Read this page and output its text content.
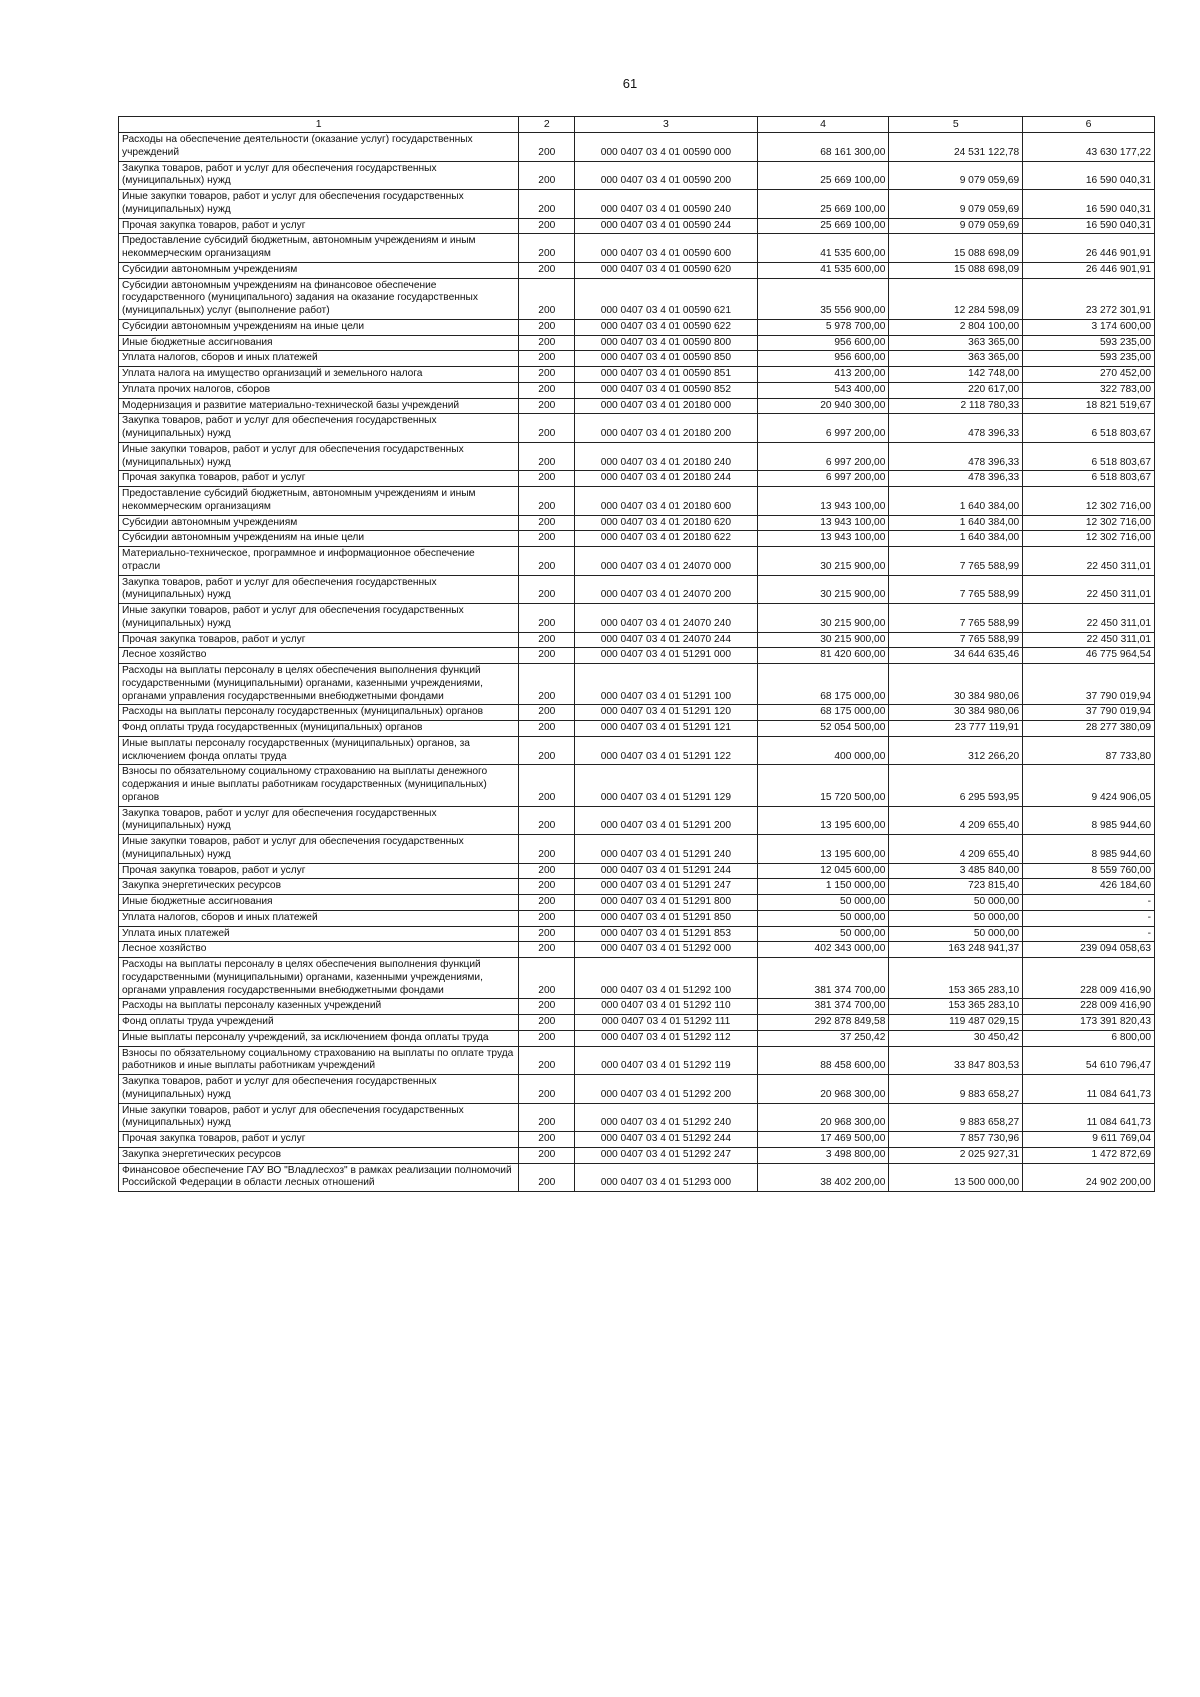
61
1	2	3	4	5	6
Расходы на обеспечение деятельности (оказание услуг) государственных учреждений	200	000 0407 03 4 01 00590 000	68 161 300,00	24 531 122,78	43 630 177,22
Закупка товаров, работ и услуг для обеспечения государственных (муниципальных) нужд	200	000 0407 03 4 01 00590 200	25 669 100,00	9 079 059,69	16 590 040,31
Иные закупки товаров, работ и услуг для обеспечения государственных (муниципальных) нужд	200	000 0407 03 4 01 00590 240	25 669 100,00	9 079 059,69	16 590 040,31
Прочая закупка товаров, работ и услуг	200	000 0407 03 4 01 00590 244	25 669 100,00	9 079 059,69	16 590 040,31
Предоставление субсидий бюджетным, автономным учреждениям и иным некоммерческим организациям	200	000 0407 03 4 01 00590 600	41 535 600,00	15 088 698,09	26 446 901,91
Субсидии автономным учреждениям	200	000 0407 03 4 01 00590 620	41 535 600,00	15 088 698,09	26 446 901,91
Субсидии автономным учреждениям на финансовое обеспечение государственного (муниципального) задания на оказание государственных (муниципальных) услуг (выполнение работ)	200	000 0407 03 4 01 00590 621	35 556 900,00	12 284 598,09	23 272 301,91
Субсидии автономным учреждениям на иные цели	200	000 0407 03 4 01 00590 622	5 978 700,00	2 804 100,00	3 174 600,00
Иные бюджетные ассигнования	200	000 0407 03 4 01 00590 800	956 600,00	363 365,00	593 235,00
Уплата налогов, сборов и иных платежей	200	000 0407 03 4 01 00590 850	956 600,00	363 365,00	593 235,00
Уплата налога на имущество организаций и земельного налога	200	000 0407 03 4 01 00590 851	413 200,00	142 748,00	270 452,00
Уплата прочих налогов, сборов	200	000 0407 03 4 01 00590 852	543 400,00	220 617,00	322 783,00
Модернизация и развитие материально-технической базы учреждений	200	000 0407 03 4 01 20180 000	20 940 300,00	2 118 780,33	18 821 519,67
Закупка товаров, работ и услуг для обеспечения государственных (муниципальных) нужд	200	000 0407 03 4 01 20180 200	6 997 200,00	478 396,33	6 518 803,67
Иные закупки товаров, работ и услуг для обеспечения государственных (муниципальных) нужд	200	000 0407 03 4 01 20180 240	6 997 200,00	478 396,33	6 518 803,67
Прочая закупка товаров, работ и услуг	200	000 0407 03 4 01 20180 244	6 997 200,00	478 396,33	6 518 803,67
Предоставление субсидий бюджетным, автономным учреждениям и иным некоммерческим организациям	200	000 0407 03 4 01 20180 600	13 943 100,00	1 640 384,00	12 302 716,00
Субсидии автономным учреждениям	200	000 0407 03 4 01 20180 620	13 943 100,00	1 640 384,00	12 302 716,00
Субсидии автономным учреждениям на иные цели	200	000 0407 03 4 01 20180 622	13 943 100,00	1 640 384,00	12 302 716,00
Материально-техническое, программное и информационное обеспечение отрасли	200	000 0407 03 4 01 24070 000	30 215 900,00	7 765 588,99	22 450 311,01
Закупка товаров, работ и услуг для обеспечения государственных (муниципальных) нужд	200	000 0407 03 4 01 24070 200	30 215 900,00	7 765 588,99	22 450 311,01
Иные закупки товаров, работ и услуг для обеспечения государственных (муниципальных) нужд	200	000 0407 03 4 01 24070 240	30 215 900,00	7 765 588,99	22 450 311,01
Прочая закупка товаров, работ и услуг	200	000 0407 03 4 01 24070 244	30 215 900,00	7 765 588,99	22 450 311,01
Лесное хозяйство	200	000 0407 03 4 01 51291 000	81 420 600,00	34 644 635,46	46 775 964,54
Расходы на выплаты персоналу в целях обеспечения выполнения функций государственными (муниципальными) органами, казенными учреждениями, органами управления государственными внебюджетными фондами	200	000 0407 03 4 01 51291 100	68 175 000,00	30 384 980,06	37 790 019,94
Расходы на выплаты персоналу государственных (муниципальных) органов	200	000 0407 03 4 01 51291 120	68 175 000,00	30 384 980,06	37 790 019,94
Фонд оплаты труда государственных (муниципальных) органов	200	000 0407 03 4 01 51291 121	52 054 500,00	23 777 119,91	28 277 380,09
Иные выплаты персоналу государственных (муниципальных) органов, за исключением фонда оплаты труда	200	000 0407 03 4 01 51291 122	400 000,00	312 266,20	87 733,80
Взносы по обязательному социальному страхованию на выплаты денежного содержания и иные выплаты работникам государственных (муниципальных) органов	200	000 0407 03 4 01 51291 129	15 720 500,00	6 295 593,95	9 424 906,05
Закупка товаров, работ и услуг для обеспечения государственных (муниципальных) нужд	200	000 0407 03 4 01 51291 200	13 195 600,00	4 209 655,40	8 985 944,60
Иные закупки товаров, работ и услуг для обеспечения государственных (муниципальных) нужд	200	000 0407 03 4 01 51291 240	13 195 600,00	4 209 655,40	8 985 944,60
Прочая закупка товаров, работ и услуг	200	000 0407 03 4 01 51291 244	12 045 600,00	3 485 840,00	8 559 760,00
Закупка энергетических ресурсов	200	000 0407 03 4 01 51291 247	1 150 000,00	723 815,40	426 184,60
Иные бюджетные ассигнования	200	000 0407 03 4 01 51291 800	50 000,00	50 000,00	-
Уплата налогов, сборов и иных платежей	200	000 0407 03 4 01 51291 850	50 000,00	50 000,00	-
Уплата иных платежей	200	000 0407 03 4 01 51291 853	50 000,00	50 000,00	-
Лесное хозяйство	200	000 0407 03 4 01 51292 000	402 343 000,00	163 248 941,37	239 094 058,63
Расходы на выплаты персоналу в целях обеспечения выполнения функций государственными (муниципальными) органами, казенными учреждениями, органами управления государственными внебюджетными фондами	200	000 0407 03 4 01 51292 100	381 374 700,00	153 365 283,10	228 009 416,90
Расходы на выплаты персоналу казенных учреждений	200	000 0407 03 4 01 51292 110	381 374 700,00	153 365 283,10	228 009 416,90
Фонд оплаты труда учреждений	200	000 0407 03 4 01 51292 111	292 878 849,58	119 487 029,15	173 391 820,43
Иные выплаты персоналу учреждений, за исключением фонда оплаты труда	200	000 0407 03 4 01 51292 112	37 250,42	30 450,42	6 800,00
Взносы по обязательному социальному страхованию на выплаты по оплате труда работников и иные выплаты работникам учреждений	200	000 0407 03 4 01 51292 119	88 458 600,00	33 847 803,53	54 610 796,47
Закупка товаров, работ и услуг для обеспечения государственных (муниципальных) нужд	200	000 0407 03 4 01 51292 200	20 968 300,00	9 883 658,27	11 084 641,73
Иные закупки товаров, работ и услуг для обеспечения государственных (муниципальных) нужд	200	000 0407 03 4 01 51292 240	20 968 300,00	9 883 658,27	11 084 641,73
Прочая закупка товаров, работ и услуг	200	000 0407 03 4 01 51292 244	17 469 500,00	7 857 730,96	9 611 769,04
Закупка энергетических ресурсов	200	000 0407 03 4 01 51292 247	3 498 800,00	2 025 927,31	1 472 872,69
Финансовое обеспечение ГАУ ВО "Владлесхоз" в рамках реализации полномочий Российской Федерации в области лесных отношений	200	000 0407 03 4 01 51293 000	38 402 200,00	13 500 000,00	24 902 200,00
